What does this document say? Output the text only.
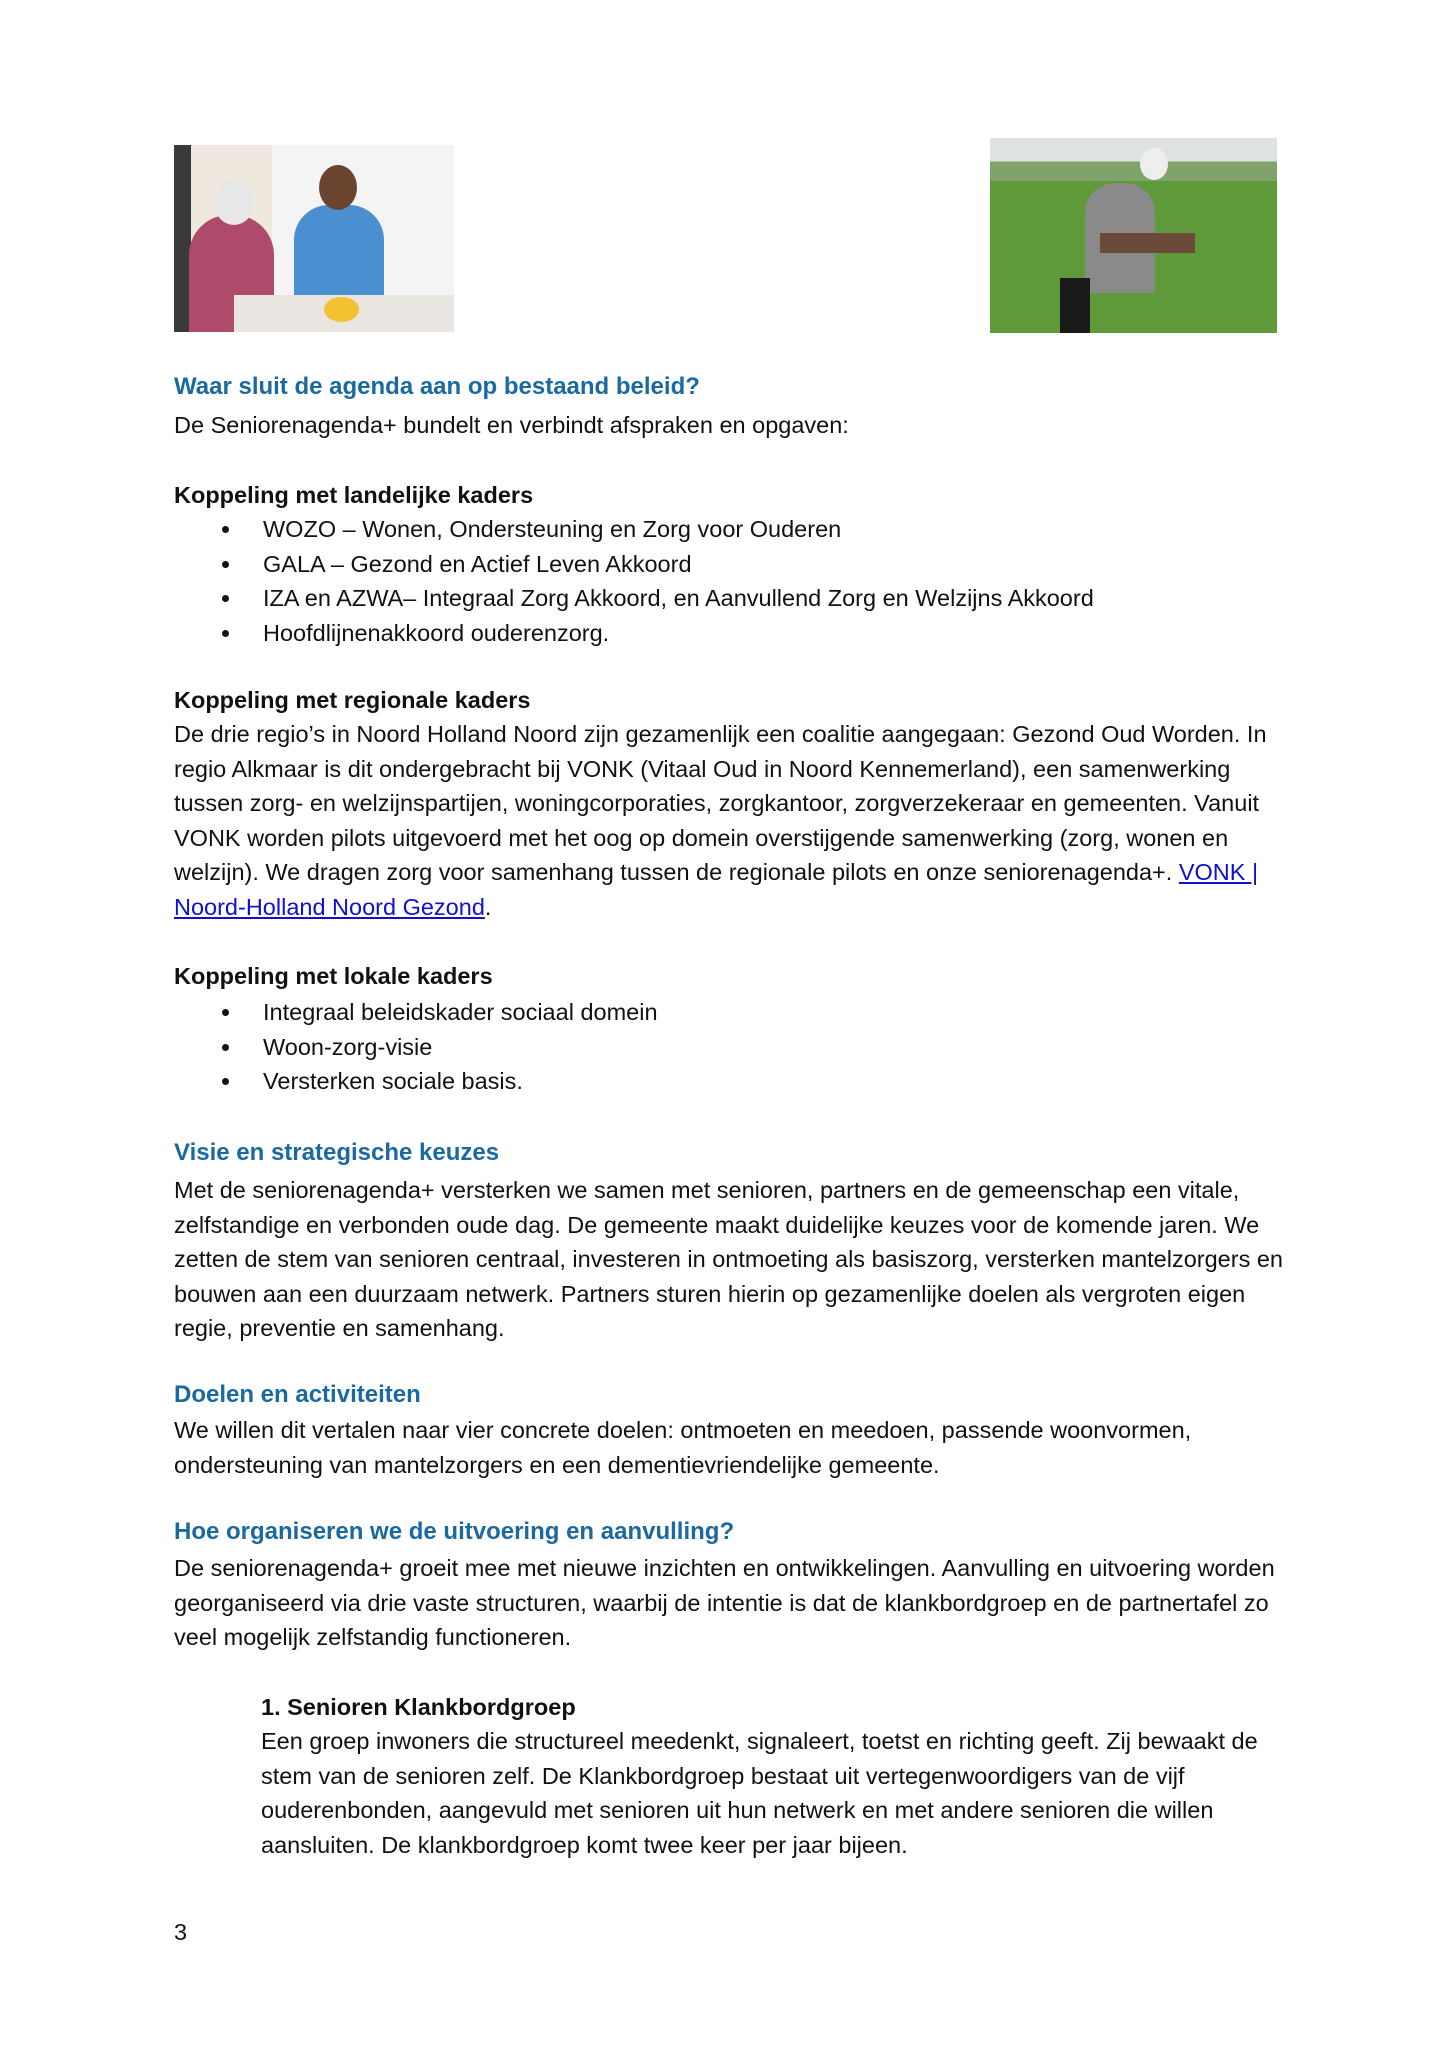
Waar sluit de agenda aan op bestaand beleid?
De Seniorenagenda+ bundelt en verbindt afspraken en opgaven:
Koppeling met landelijke kaders
WOZO – Wonen, Ondersteuning en Zorg voor Ouderen
GALA – Gezond en Actief Leven Akkoord
IZA en AZWA– Integraal Zorg Akkoord, en Aanvullend Zorg en Welzijns Akkoord
Hoofdlijnenakkoord ouderenzorg.
Koppeling met regionale kaders
De drie regio’s in Noord Holland Noord zijn gezamenlijk een coalitie aangegaan: Gezond Oud Worden. In regio Alkmaar is dit ondergebracht bij VONK (Vitaal Oud in Noord Kennemerland), een samenwerking tussen zorg- en welzijnspartijen, woningcorporaties, zorgkantoor, zorgverzekeraar en gemeenten. Vanuit VONK worden pilots uitgevoerd met het oog op domein overstijgende samenwerking (zorg, wonen en welzijn). We dragen zorg voor samenhang tussen de regionale pilots en onze seniorenagenda+. VONK | Noord-Holland Noord Gezond.
Koppeling met lokale kaders
Integraal beleidskader sociaal domein
Woon-zorg-visie
Versterken sociale basis.
Visie en strategische keuzes
Met de seniorenagenda+ versterken we samen met senioren, partners en de gemeenschap een vitale, zelfstandige en verbonden oude dag. De gemeente maakt duidelijke keuzes voor de komende jaren. We zetten de stem van senioren centraal, investeren in ontmoeting als basiszorg, versterken mantelzorgers en bouwen aan een duurzaam netwerk. Partners sturen hierin op gezamenlijke doelen als vergroten eigen regie, preventie en samenhang.
Doelen en activiteiten
We willen dit vertalen naar vier concrete doelen: ontmoeten en meedoen, passende woonvormen, ondersteuning van mantelzorgers en een dementievriendelijke gemeente.
Hoe organiseren we de uitvoering en aanvulling?
De seniorenagenda+ groeit mee met nieuwe inzichten en ontwikkelingen. Aanvulling en uitvoering worden georganiseerd via drie vaste structuren, waarbij de intentie is dat de klankbordgroep en de partnertafel zo veel mogelijk zelfstandig functioneren.
1. Senioren Klankbordgroep
Een groep inwoners die structureel meedenkt, signaleert, toetst en richting geeft. Zij bewaakt de stem van de senioren zelf. De Klankbordgroep bestaat uit vertegenwoordigers van de vijf ouderenbonden, aangevuld met senioren uit hun netwerk en met andere senioren die willen aansluiten. De klankbordgroep komt twee keer per jaar bijeen.
3
